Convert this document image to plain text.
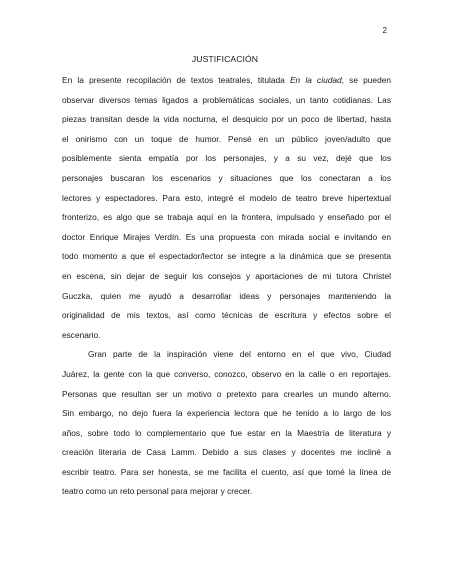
2
JUSTIFICACIÓN
En la presente recopilación de textos teatrales, titulada En la ciudad, se pueden
observar diversos temas ligados a problemáticas sociales, un tanto cotidianas. Las
piezas transitan desde la vida nocturna, el desquicio por un poco de libertad, hasta
el onirismo con un toque de humor. Pensé en un público joven/adulto que
posiblemente sienta empatía por los personajes, y a su vez, dejé que los
personajes buscaran los escenarios y situaciones que los conectaran a los
lectores y espectadores. Para esto, integré el modelo de teatro breve hipertextual
fronterizo, es algo que se trabaja aquí en la frontera, impulsado y enseñado por el
doctor Enrique Mirajes Verdín. Es una propuesta con mirada social e invitando en
todo momento a que el espectador/lector se integre a la dinámica que se presenta
en escena, sin dejar de seguir los consejos y aportaciones de mi tutora Christel
Guczka, quien me ayudó a desarrollar ideas y personajes manteniendo la
originalidad de mis textos, así como técnicas de escritura y efectos sobre el
escenario.
Gran parte de la inspiración viene del entorno en el que vivo, Ciudad
Juárez, la gente con la que converso, conozco, observo en la calle o en reportajes.
Personas que resultan ser un motivo o pretexto para crearles un mundo alterno.
Sin embargo, no dejo fuera la experiencia lectora que he tenido a lo largo de los
años, sobre todo lo complementario que fue estar en la Maestría de literatura y
creación literaria de Casa Lamm. Debido a sus clases y docentes me incliné a
escribir teatro. Para ser honesta, se me facilita el cuento, así que tomé la línea de
teatro como un reto personal para mejorar y crecer.
